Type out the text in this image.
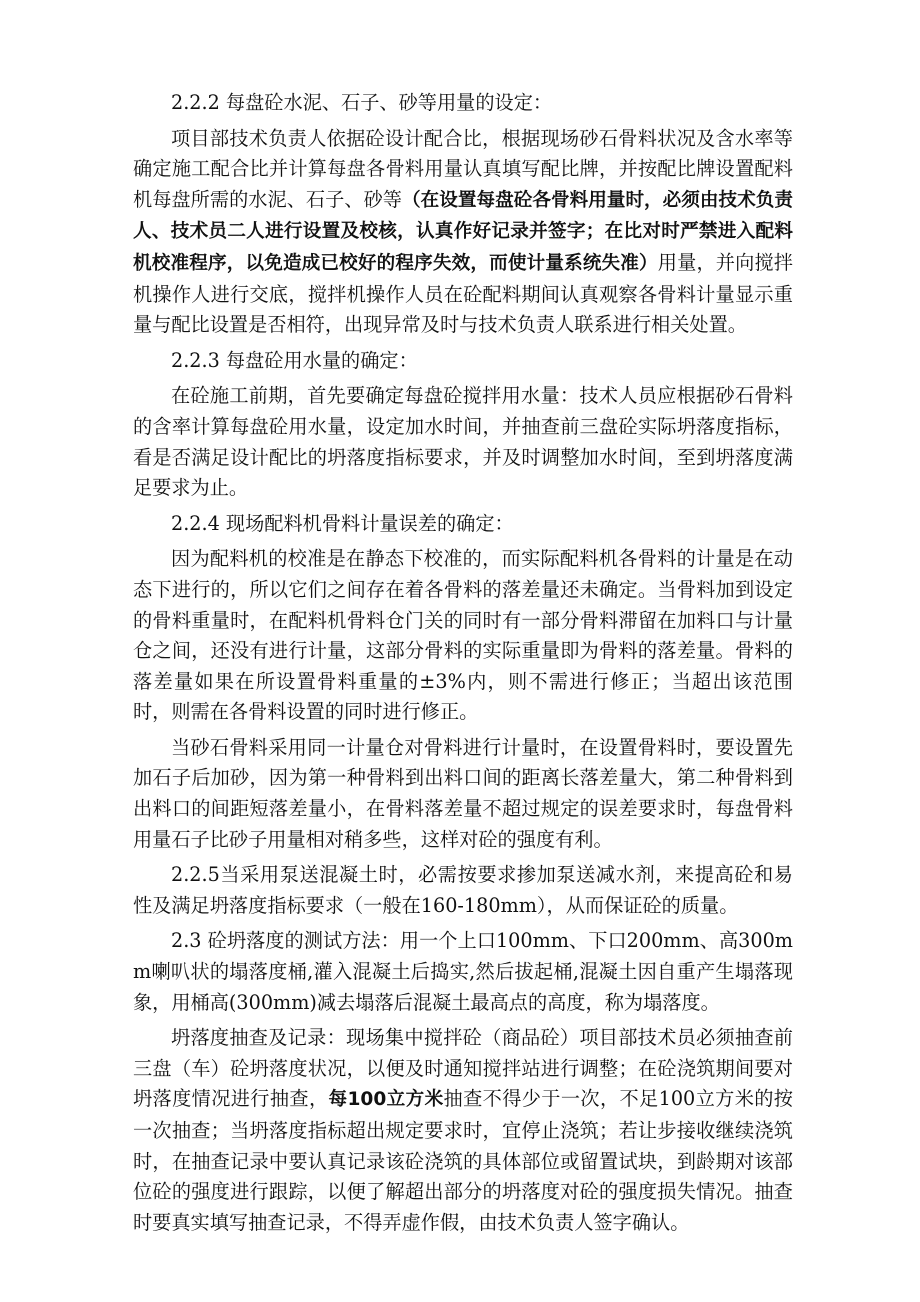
2.2.2 每盘砼水泥、石子、砂等用量的设定：

项目部技术负责人依据砼设计配合比，根据现场砂石骨料状况及含水率等确定施工配合比并计算每盘各骨料用量认真填写配比牌，并按配比牌设置配料机每盘所需的水泥、石子、砂等（在设置每盘砼各骨料用量时，必须由技术负责人、技术员二人进行设置及校核，认真作好记录并签字；在比对时严禁进入配料机校准程序，以免造成已校好的程序失效，而使计量系统失准）用量，并向搅拌机操作人进行交底，搅拌机操作人员在砼配料期间认真观察各骨料计量显示重量与配比设置是否相符，出现异常及时与技术负责人联系进行相关处置。

2.2.3 每盘砼用水量的确定：

在砼施工前期，首先要确定每盘砼搅拌用水量：技术人员应根据砂石骨料的含率计算每盘砼用水量，设定加水时间，并抽查前三盘砼实际坍落度指标，看是否满足设计配比的坍落度指标要求，并及时调整加水时间，至到坍落度满足要求为止。

2.2.4 现场配料机骨料计量误差的确定：

因为配料机的校准是在静态下校准的，而实际配料机各骨料的计量是在动态下进行的，所以它们之间存在着各骨料的落差量还未确定。当骨料加到设定的骨料重量时，在配料机骨料仓门关的同时有一部分骨料滞留在加料口与计量仓之间，还没有进行计量，这部分骨料的实际重量即为骨料的落差量。骨料的落差量如果在所设置骨料重量的±3%内，则不需进行修正；当超出该范围时，则需在各骨料设置的同时进行修正。

当砂石骨料采用同一计量仓对骨料进行计量时，在设置骨料时，要设置先加石子后加砂，因为第一种骨料到出料口间的距离长落差量大，第二种骨料到出料口的间距短落差量小，在骨料落差量不超过规定的误差要求时，每盘骨料用量石子比砂子用量相对稍多些，这样对砼的强度有利。

2.2.5当采用泵送混凝土时，必需按要求掺加泵送减水剂，来提高砼和易性及满足坍落度指标要求（一般在160-180mm），从而保证砼的质量。

2.3 砼坍落度的测试方法：用一个上口100mm、下口200mm、高300mm喇叭状的塌落度桶,灌入混凝土后捣实,然后拔起桶,混凝土因自重产生塌落现象，用桶高(300mm)减去塌落后混凝土最高点的高度，称为塌落度。

坍落度抽查及记录：现场集中搅拌砼（商品砼）项目部技术员必须抽查前三盘（车）砼坍落度状况，以便及时通知搅拌站进行调整；在砼浇筑期间要对坍落度情况进行抽查，每100立方米抽查不得少于一次，不足100立方米的按一次抽查；当坍落度指标超出规定要求时，宜停止浇筑；若让步接收继续浇筑时，在抽查记录中要认真记录该砼浇筑的具体部位或留置试块，到龄期对该部位砼的强度进行跟踪，以便了解超出部分的坍落度对砼的强度损失情况。抽查时要真实填写抽查记录，不得弄虚作假，由技术负责人签字确认。
